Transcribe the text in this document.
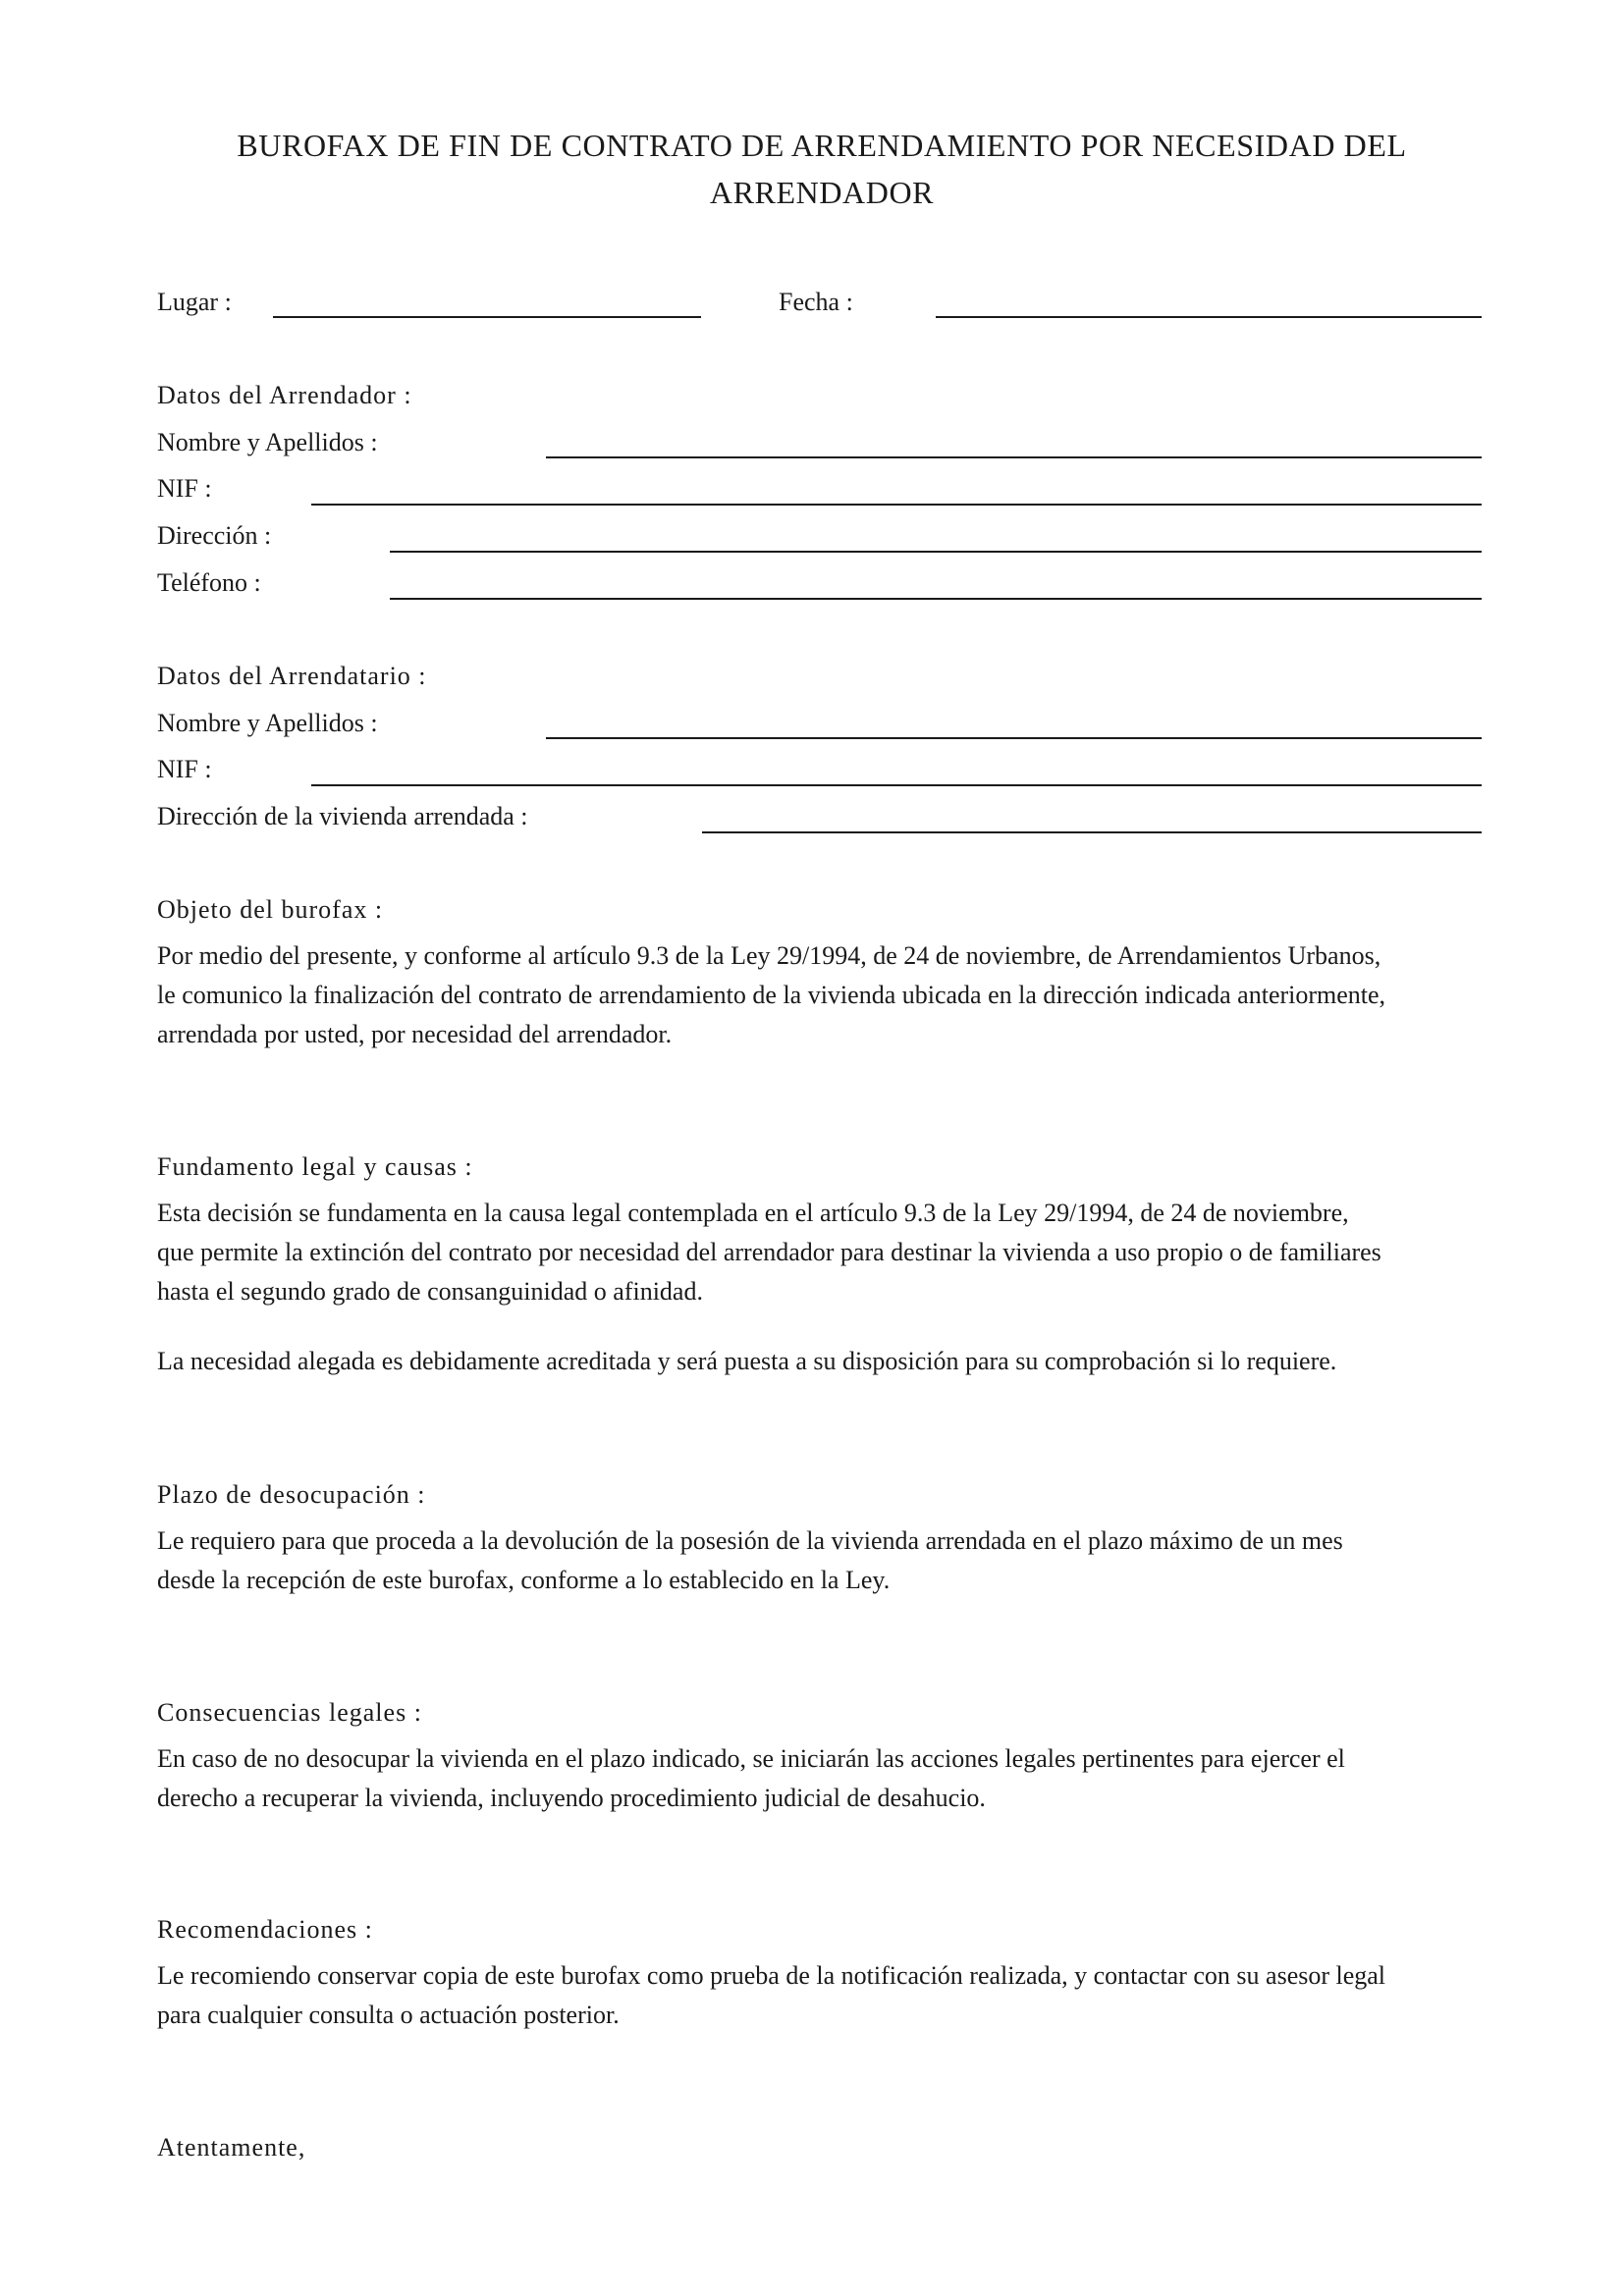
BUROFAX DE FIN DE CONTRATO DE ARRENDAMIENTO POR NECESIDAD DEL
ARRENDADOR
Lugar :	Fecha :
Datos del Arrendador :
Nombre y Apellidos :
NIF :
Dirección :
Teléfono :
Datos del Arrendatario :
Nombre y Apellidos :
NIF :
Dirección de la vivienda arrendada :
Objeto del burofax :

Por medio del presente, y conforme al artículo 9.3 de la Ley 29/1994, de 24 de noviembre, de Arrendamientos Urbanos,
le comunico la finalización del contrato de arrendamiento de la vivienda ubicada en la dirección indicada anteriormente,
arrendada por usted, por necesidad del arrendador.

Fundamento legal y causas :

Esta decisión se fundamenta en la causa legal contemplada en el artículo 9.3 de la Ley 29/1994, de 24 de noviembre,
que permite la extinción del contrato por necesidad del arrendador para destinar la vivienda a uso propio o de familiares
hasta el segundo grado de consanguinidad o afinidad.

La necesidad alegada es debidamente acreditada y será puesta a su disposición para su comprobación si lo requiere.

Plazo de desocupación :

Le requiero para que proceda a la devolución de la posesión de la vivienda arrendada en el plazo máximo de un mes
desde la recepción de este burofax, conforme a lo establecido en la Ley.

Consecuencias legales :

En caso de no desocupar la vivienda en el plazo indicado, se iniciarán las acciones legales pertinentes para ejercer el
derecho a recuperar la vivienda, incluyendo procedimiento judicial de desahucio.

Recomendaciones :

Le recomiendo conservar copia de este burofax como prueba de la notificación realizada, y contactar con su asesor legal
para cualquier consulta o actuación posterior.

Atentamente,
